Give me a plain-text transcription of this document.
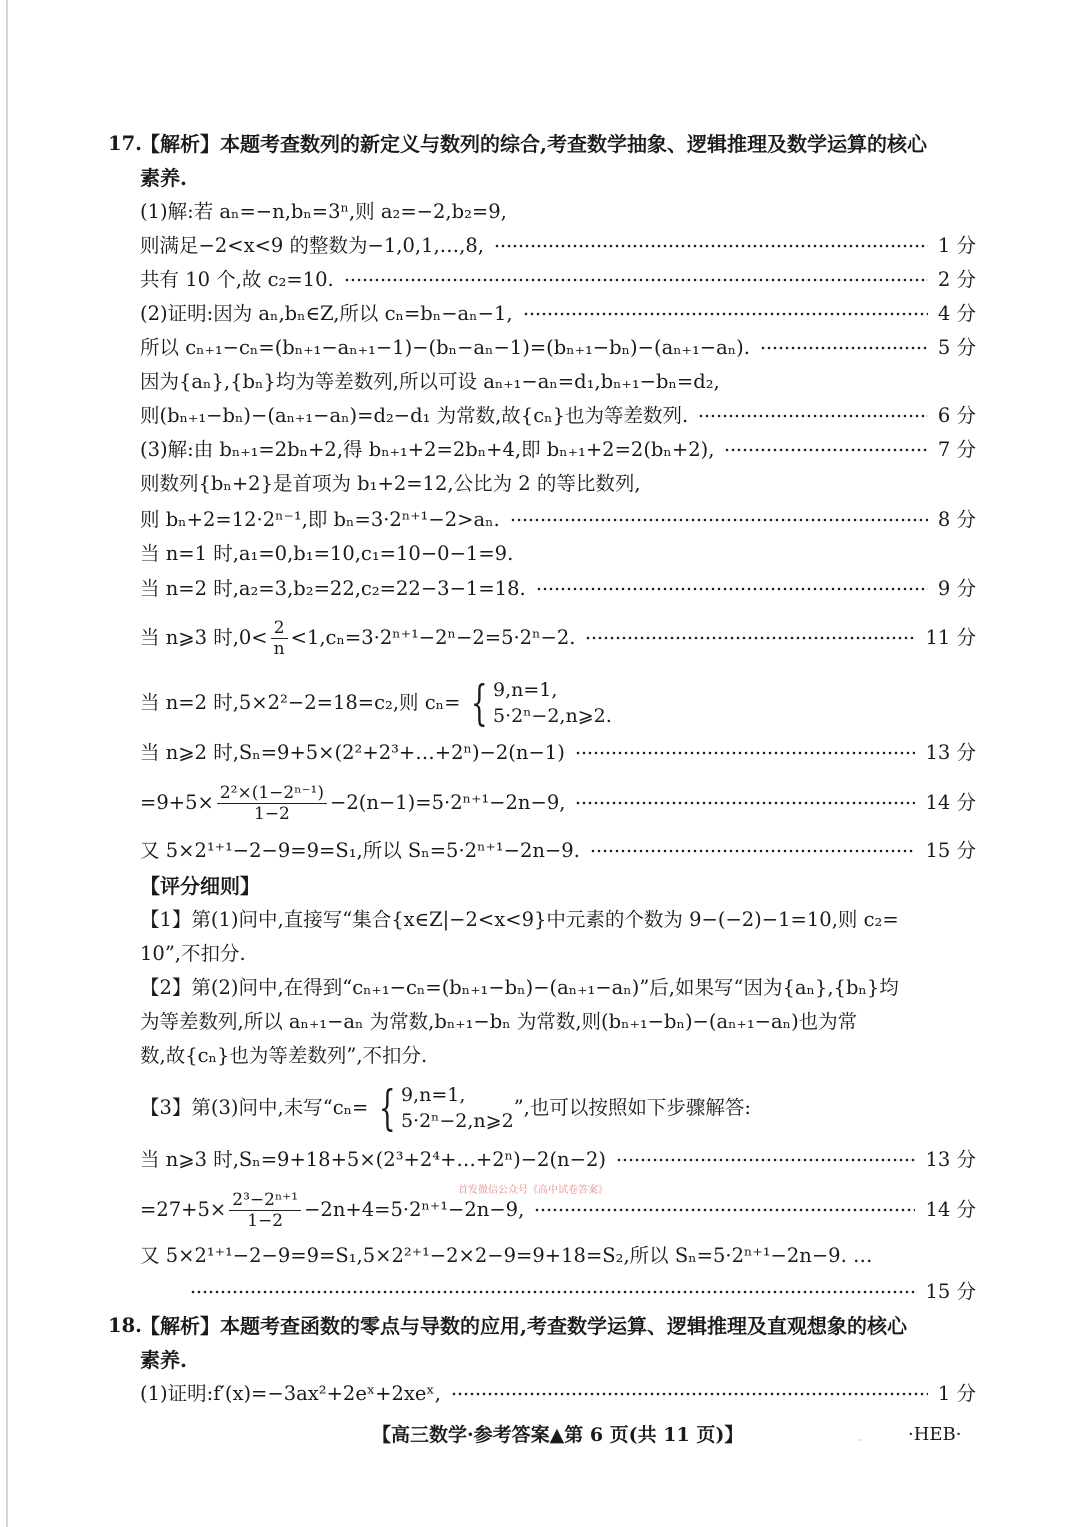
17.
【解析】本题考查数列的新定义与数列的综合,考查数学抽象、逻辑推理及数学运算的核心
素养.
(1)解:若 aₙ=−n,bₙ=3ⁿ,则 a₂=−2,b₂=9,
则满足−2<x<9 的整数为−1,0,1,…,8,	1 分
共有 10 个,故 c₂=10.	2 分
(2)证明:因为 aₙ,bₙ∈Z,所以 cₙ=bₙ−aₙ−1,	4 分
所以 cₙ₊₁−cₙ=(bₙ₊₁−aₙ₊₁−1)−(bₙ−aₙ−1)=(bₙ₊₁−bₙ)−(aₙ₊₁−aₙ).	5 分
因为{aₙ},{bₙ}均为等差数列,所以可设 aₙ₊₁−aₙ=d₁,bₙ₊₁−bₙ=d₂,
则(bₙ₊₁−bₙ)−(aₙ₊₁−aₙ)=d₂−d₁ 为常数,故{cₙ}也为等差数列.	6 分
(3)解:由 bₙ₊₁=2bₙ+2,得 bₙ₊₁+2=2bₙ+4,即 bₙ₊₁+2=2(bₙ+2),	7 分
则数列{bₙ+2}是首项为 b₁+2=12,公比为 2 的等比数列,
则 bₙ+2=12·2ⁿ⁻¹,即 bₙ=3·2ⁿ⁺¹−2>aₙ.	8 分
当 n=1 时,a₁=0,b₁=10,c₁=10−0−1=9.
当 n=2 时,a₂=3,b₂=22,c₂=22−3−1=18.	9 分
当 n⩾3 时$,0< \frac{2}{n} <1,c_n=3\cdot 2^{n+1}-2^n-2=5\cdot 2^n-2$.	11 分
当 n=2 时,5×2²−2=18=c₂,则 cₙ= { 9,n=1,
5·2ⁿ−2,n⩾2.
当 n⩾2 时,Sₙ=9+5×(2²+2³+…+2ⁿ)−2(n−1)	13 分
$=9+5\times \frac{\text{2²×(1−2ⁿ⁻¹)}}{1-2} -2(n-1)=5\cdot 2^{n+1}-2n-9$,	14 分
又 5×2¹⁺¹−2−9=9=S₁,所以 Sₙ=5·2ⁿ⁺¹−2n−9.	15 分
【评分细则】
【1】第(1)问中,直接写“集合{x∈Z|−2<x<9}中元素的个数为 9−(−2)−1=10,则 c₂=
10”,不扣分.
【2】第(2)问中,在得到“cₙ₊₁−cₙ=(bₙ₊₁−bₙ)−(aₙ₊₁−aₙ)”后,如果写“因为{aₙ},{bₙ}均
为等差数列,所以 aₙ₊₁−aₙ 为常数,bₙ₊₁−bₙ 为常数,则(bₙ₊₁−bₙ)−(aₙ₊₁−aₙ)也为常
数,故{cₙ}也为等差数列”,不扣分.
【3】第(3)问中,未写“cₙ= { 9,n=1,
5·2ⁿ−2,n⩾2
”,也可以按照如下步骤解答:
当 n⩾3 时,Sₙ=9+18+5×(2³+2⁴+…+2ⁿ)−2(n−2)	13 分
首发微信公众号《高中试卷答案》
$=27+5\times \frac{\text{2³−2ⁿ⁺¹}}{1-2} -2n+4=5\cdot 2^{n+1}-2n-9$,	14 分
又 5×2¹⁺¹−2−9=9=S₁,5×2²⁺¹−2×2−9=9+18=S₂,所以 Sₙ=5·2ⁿ⁺¹−2n−9. …
15 分
18.
【解析】本题考查函数的零点与导数的应用,考查数学运算、逻辑推理及直观想象的核心
素养.
(1)证明:f′(x)=−3ax²+2eˣ+2xeˣ,	1 分
【高三数学·参考答案▲第 6 页(共 11 页)】	·· ·HEB·
